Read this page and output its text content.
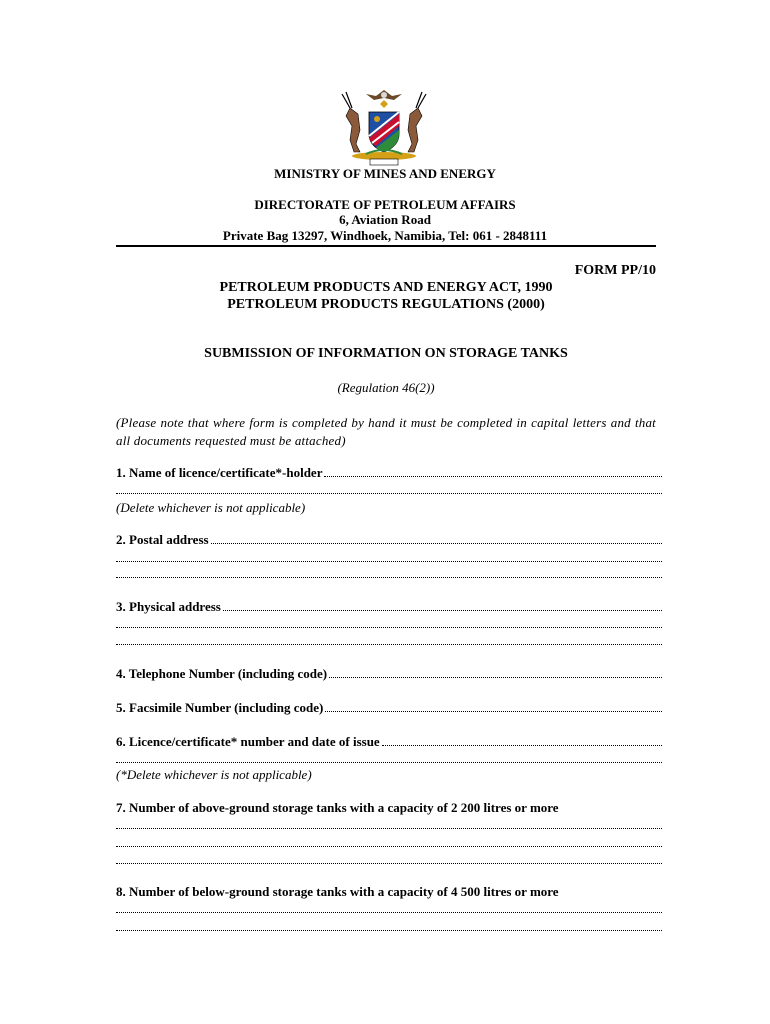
MINISTRY OF MINES AND ENERGY
DIRECTORATE OF PETROLEUM AFFAIRS
6, Aviation Road
Private Bag 13297, Windhoek, Namibia, Tel: 061 - 2848111
FORM PP/10
PETROLEUM PRODUCTS AND ENERGY ACT, 1990
PETROLEUM PRODUCTS REGULATIONS (2000)
SUBMISSION OF INFORMATION ON STORAGE TANKS
(Regulation 46(2))
(Please note that where form is completed by hand it must be completed in capital letters and that all documents requested must be attached)
1. Name of licence/certificate*-holder
(Delete whichever is not applicable)
2. Postal address
3. Physical address
4. Telephone Number (including code)
5. Facsimile Number (including code)
6. Licence/certificate* number and date of issue
(*Delete whichever is not applicable)
7. Number of above-ground storage tanks with a capacity of 2 200 litres or more
8. Number of below-ground storage tanks with a capacity of 4 500 litres or more
